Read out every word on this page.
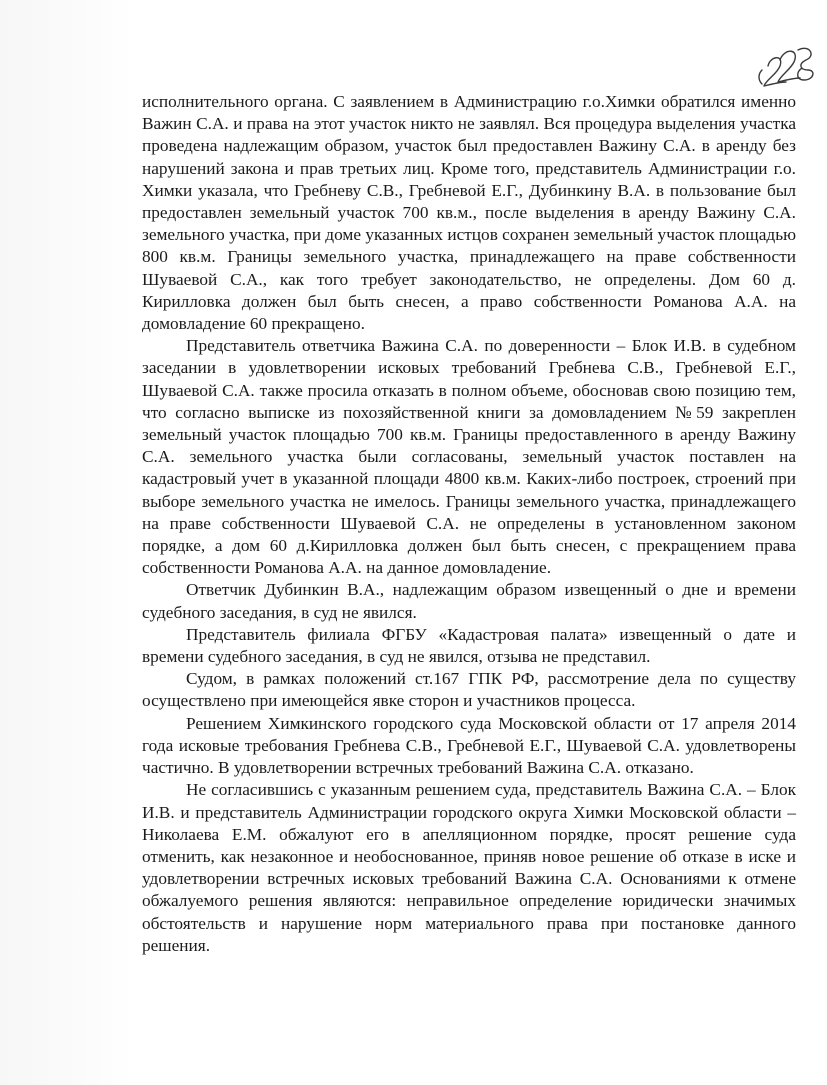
исполнительного органа. С заявлением в Администрацию г.о.Химки обратился именно Важин С.А. и права на этот участок никто не заявлял. Вся процедура выделения участка проведена надлежащим образом, участок был предоставлен Важину С.А. в аренду без нарушений закона и прав третьих лиц. Кроме того, представитель Администрации г.о. Химки указала, что Гребневу С.В., Гребневой Е.Г., Дубинкину В.А. в пользование был предоставлен земельный участок 700 кв.м., после выделения в аренду Важину С.А. земельного участка, при доме указанных истцов сохранен земельный участок площадью 800 кв.м. Границы земельного участка, принадлежащего на праве собственности Шуваевой С.А., как того требует законодательство, не определены. Дом 60 д. Кирилловка должен был быть снесен, а право собственности Романова А.А. на домовладение 60 прекращено.

Представитель ответчика Важина С.А. по доверенности – Блок И.В. в судебном заседании в удовлетворении исковых требований Гребнева С.В., Гребневой Е.Г., Шуваевой С.А. также просила отказать в полном объеме, обосновав свою позицию тем, что согласно выписке из похозяйственной книги за домовладением №59 закреплен земельный участок площадью 700 кв.м. Границы предоставленного в аренду Важину С.А. земельного участка были согласованы, земельный участок поставлен на кадастровый учет в указанной площади 4800 кв.м. Каких-либо построек, строений при выборе земельного участка не имелось. Границы земельного участка, принадлежащего на праве собственности Шуваевой С.А. не определены в установленном законом порядке, а дом 60 д.Кирилловка должен был быть снесен, с прекращением права собственности Романова А.А. на данное домовладение.

Ответчик Дубинкин В.А., надлежащим образом извещенный о дне и времени судебного заседания, в суд не явился.

Представитель филиала ФГБУ «Кадастровая палата» извещенный о дате и времени судебного заседания, в суд не явился, отзыва не представил.

Судом, в рамках положений ст.167 ГПК РФ, рассмотрение дела по существу осуществлено при имеющейся явке сторон и участников процесса.

Решением Химкинского городского суда Московской области от 17 апреля 2014 года исковые требования Гребнева С.В., Гребневой Е.Г., Шуваевой С.А. удовлетворены частично. В удовлетворении встречных требований Важина С.А. отказано.

Не согласившись с указанным решением суда, представитель Важина С.А. – Блок И.В. и представитель Администрации городского округа Химки Московской области – Николаева Е.М. обжалуют его в апелляционном порядке, просят решение суда отменить, как незаконное и необоснованное, приняв новое решение об отказе в иске и удовлетворении встречных исковых требований Важина С.А. Основаниями к отмене обжалуемого решения являются: неправильное определение юридически значимых обстоятельств и нарушение норм материального права при постановке данного решения.
